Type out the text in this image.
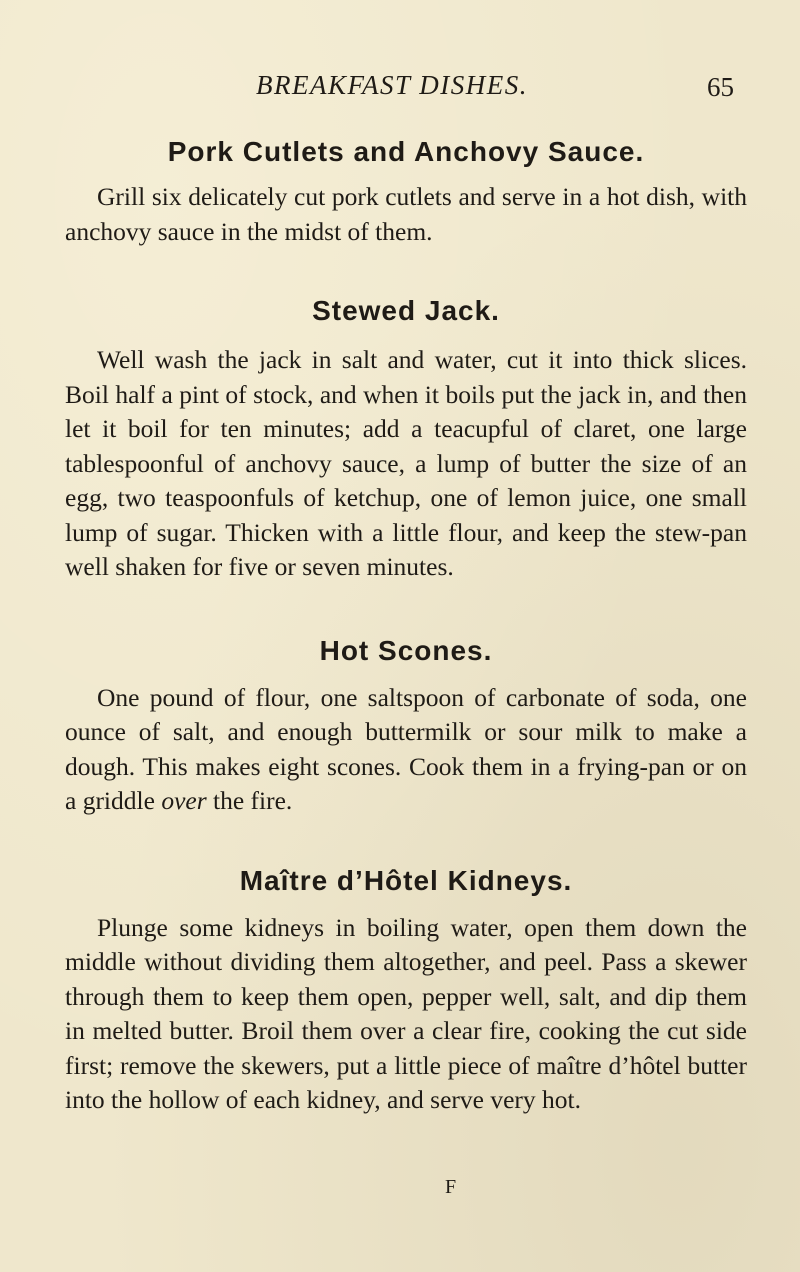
BREAKFAST DISHES.	65
Pork Cutlets and Anchovy Sauce.

Grill six delicately cut pork cutlets and serve in a hot dish, with anchovy sauce in the midst of them.

Stewed Jack.

Well wash the jack in salt and water, cut it into thick slices. Boil half a pint of stock, and when it boils put the jack in, and then let it boil for ten minutes; add a teacupful of claret, one large tablespoonful of anchovy sauce, a lump of butter the size of an egg, two teaspoonfuls of ketchup, one of lemon juice, one small lump of sugar. Thicken with a little flour, and keep the stew-pan well shaken for five or seven minutes.

Hot Scones.

One pound of flour, one saltspoon of carbonate of soda, one ounce of salt, and enough buttermilk or sour milk to make a dough. This makes eight scones. Cook them in a frying-pan or on a griddle over the fire.

Maître d’Hôtel Kidneys.

Plunge some kidneys in boiling water, open them down the middle without dividing them altogether, and peel. Pass a skewer through them to keep them open, pepper well, salt, and dip them in melted butter. Broil them over a clear fire, cooking the cut side first; remove the skewers, put a little piece of maître d’hôtel butter into the hollow of each kidney, and serve very hot.

F
